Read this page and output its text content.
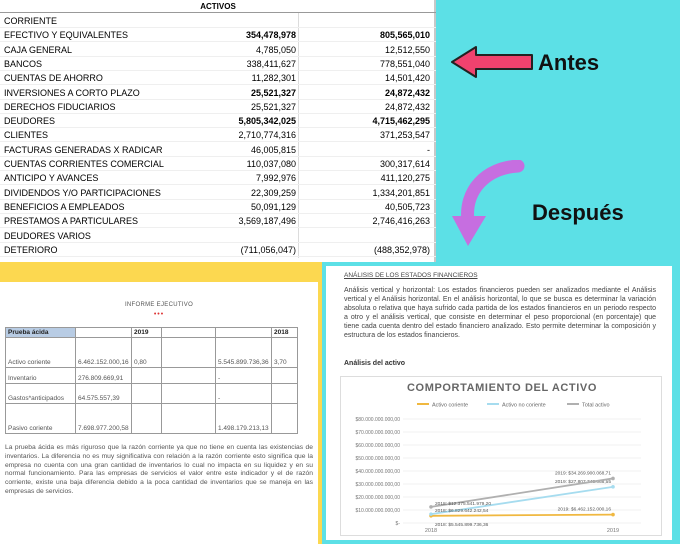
ACTIVOS
CORRIENTE
EFECTIVO Y EQUIVALENTES	354,478,978	805,565,010
CAJA GENERAL	4,785,050	12,512,550
BANCOS	338,411,627	778,551,040
CUENTAS DE AHORRO	11,282,301	14,501,420
INVERSIONES A CORTO PLAZO	25,521,327	24,872,432
DERECHOS FIDUCIARIOS	25,521,327	24,872,432
DEUDORES	5,805,342,025	4,715,462,295
CLIENTES	2,710,774,316	371,253,547
FACTURAS GENERADAS X RADICAR	46,005,815	-
CUENTAS CORRIENTES COMERCIAL	110,037,080	300,317,614
ANTICIPO Y AVANCES	7,992,976	411,120,275
DIVIDENDOS Y/O PARTICIPACIONES	22,309,259	1,334,201,851
BENEFICIOS A EMPLEADOS	50,091,129	40,505,723
PRESTAMOS A PARTICULARES	3,569,187,496	2,746,416,263
DEUDORES VARIOS
DETERIORO	(711,056,047)	(488,352,978)
Antes
Después
INFORME EJECUTIVO
•••
Prueba ácida		2019			2018
Activo coriente	6.462.152.000,16	0,80		5.545.899.736,36	3,70
Inventario	276.809.669,91			-	
Gastos*anticipados	64.575.557,39			-	
Pasivo coriente	7.698.977.200,58			1.498.179.213,13	

La prueba ácida es más riguroso que la razón corriente ya que no tiene en cuenta las existencias de inventarios. La diferencia no es muy significativa con relación a la razón corriente esto significa que la empresa no cuenta con una gran cantidad de inventarios lo cual no impacta en su liquidez y en su normal funcionamiento. Para las empresas de servicios el valor entre este indicador y el de razón corriente, existe una baja diferencia debido a la poca cantidad de inventarios que se maneja en las empresas de servicios.

ANÁLISIS DE LOS ESTADOS FINANCIEROS

Análisis vertical y horizontal: Los estados financieros pueden ser analizados mediante el Análisis vertical y el Análisis horizontal. En el análisis horizontal, lo que se busca es determinar la variación absoluta o relativa que haya sufrido cada partida de los estados financieros en un periodo respecto a otro y el análisis vertical, que consiste en determinar el peso proporcional (en porcentaje) que tiene cada cuenta dentro del estado financiero analizado. Esto permite determinar la composición y estructura de los estados financieros.

Análisis del activo
COMPORTAMIENTO DEL ACTIVO
Activo coriente	Activo no coriente	Total activo
$-
$10.000.000.000,00
$20.000.000.000,00
$30.000.000.000,00
$40.000.000.000,00
$50.000.000.000,00
$60.000.000.000,00
$70.000.000.000,00
$80.000.000.000,00
2018	2019
2018: $5.545.899.736,36
2019: $6.462.152.000,16
2018: $6.829.642.242,54
2019: $27.807.748.068,55
2018: $12.375.541.979,20
2019: $34.269.900.068,71
